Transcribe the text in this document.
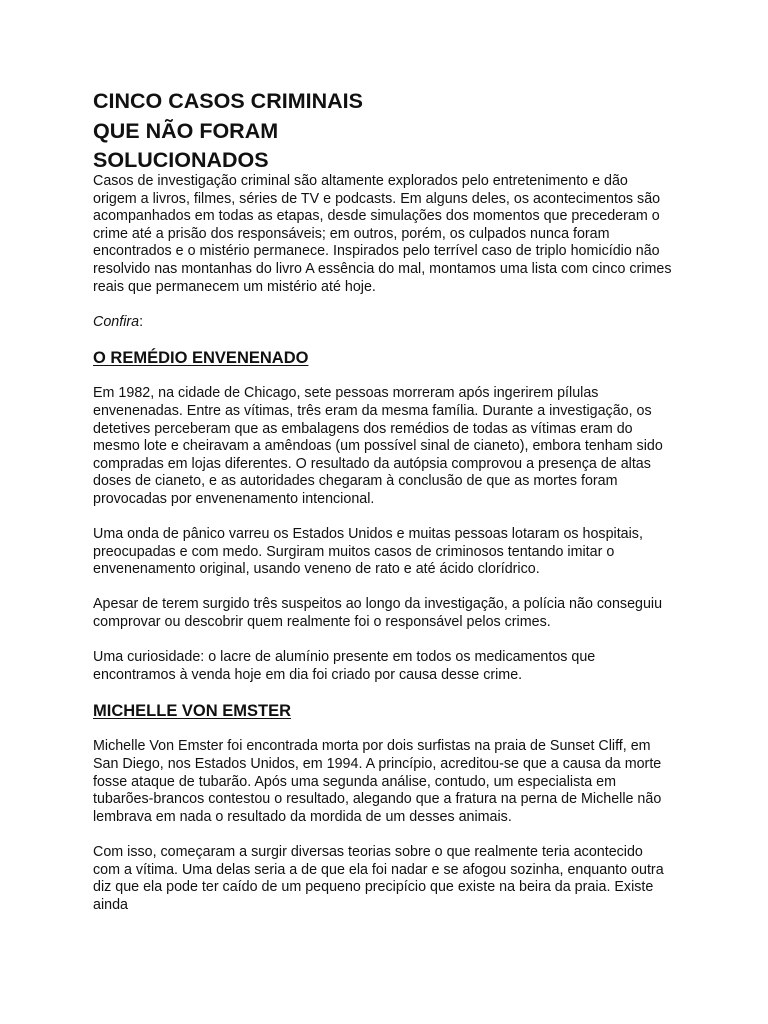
CINCO CASOS CRIMINAIS
QUE NÃO FORAM
SOLUCIONADOS

Casos de investigação criminal são altamente explorados pelo entretenimento e dão origem a livros, filmes, séries de TV e podcasts. Em alguns deles, os acontecimentos são acompanhados em todas as etapas, desde simulações dos momentos que precederam o crime até a prisão dos responsáveis; em outros, porém, os culpados nunca foram encontrados e o mistério permanece. Inspirados pelo terrível caso de triplo homicídio não resolvido nas montanhas do livro A essência do mal, montamos uma lista com cinco crimes reais que permanecem um mistério até hoje.

Confira:

O REMÉDIO ENVENENADO

Em 1982, na cidade de Chicago, sete pessoas morreram após ingerirem pílulas envenenadas. Entre as vítimas, três eram da mesma família. Durante a investigação, os detetives perceberam que as embalagens dos remédios de todas as vítimas eram do mesmo lote e cheiravam a amêndoas (um possível sinal de cianeto), embora tenham sido compradas em lojas diferentes. O resultado da autópsia comprovou a presença de altas doses de cianeto, e as autoridades chegaram à conclusão de que as mortes foram provocadas por envenenamento intencional.

Uma onda de pânico varreu os Estados Unidos e muitas pessoas lotaram os hospitais, preocupadas e com medo. Surgiram muitos casos de criminosos tentando imitar o envenenamento original, usando veneno de rato e até ácido clorídrico.

Apesar de terem surgido três suspeitos ao longo da investigação, a polícia não conseguiu comprovar ou descobrir quem realmente foi o responsável pelos crimes.

Uma curiosidade: o lacre de alumínio presente em todos os medicamentos que encontramos à venda hoje em dia foi criado por causa desse crime.

MICHELLE VON EMSTER

Michelle Von Emster foi encontrada morta por dois surfistas na praia de Sunset Cliff, em San Diego, nos Estados Unidos, em 1994. A princípio, acreditou-se que a causa da morte fosse ataque de tubarão. Após uma segunda análise, contudo, um especialista em tubarões-brancos contestou o resultado, alegando que a fratura na perna de Michelle não lembrava em nada o resultado da mordida de um desses animais.

Com isso, começaram a surgir diversas teorias sobre o que realmente teria acontecido com a vítima. Uma delas seria a de que ela foi nadar e se afogou sozinha, enquanto outra diz que ela pode ter caído de um pequeno precipício que existe na beira da praia. Existe ainda
